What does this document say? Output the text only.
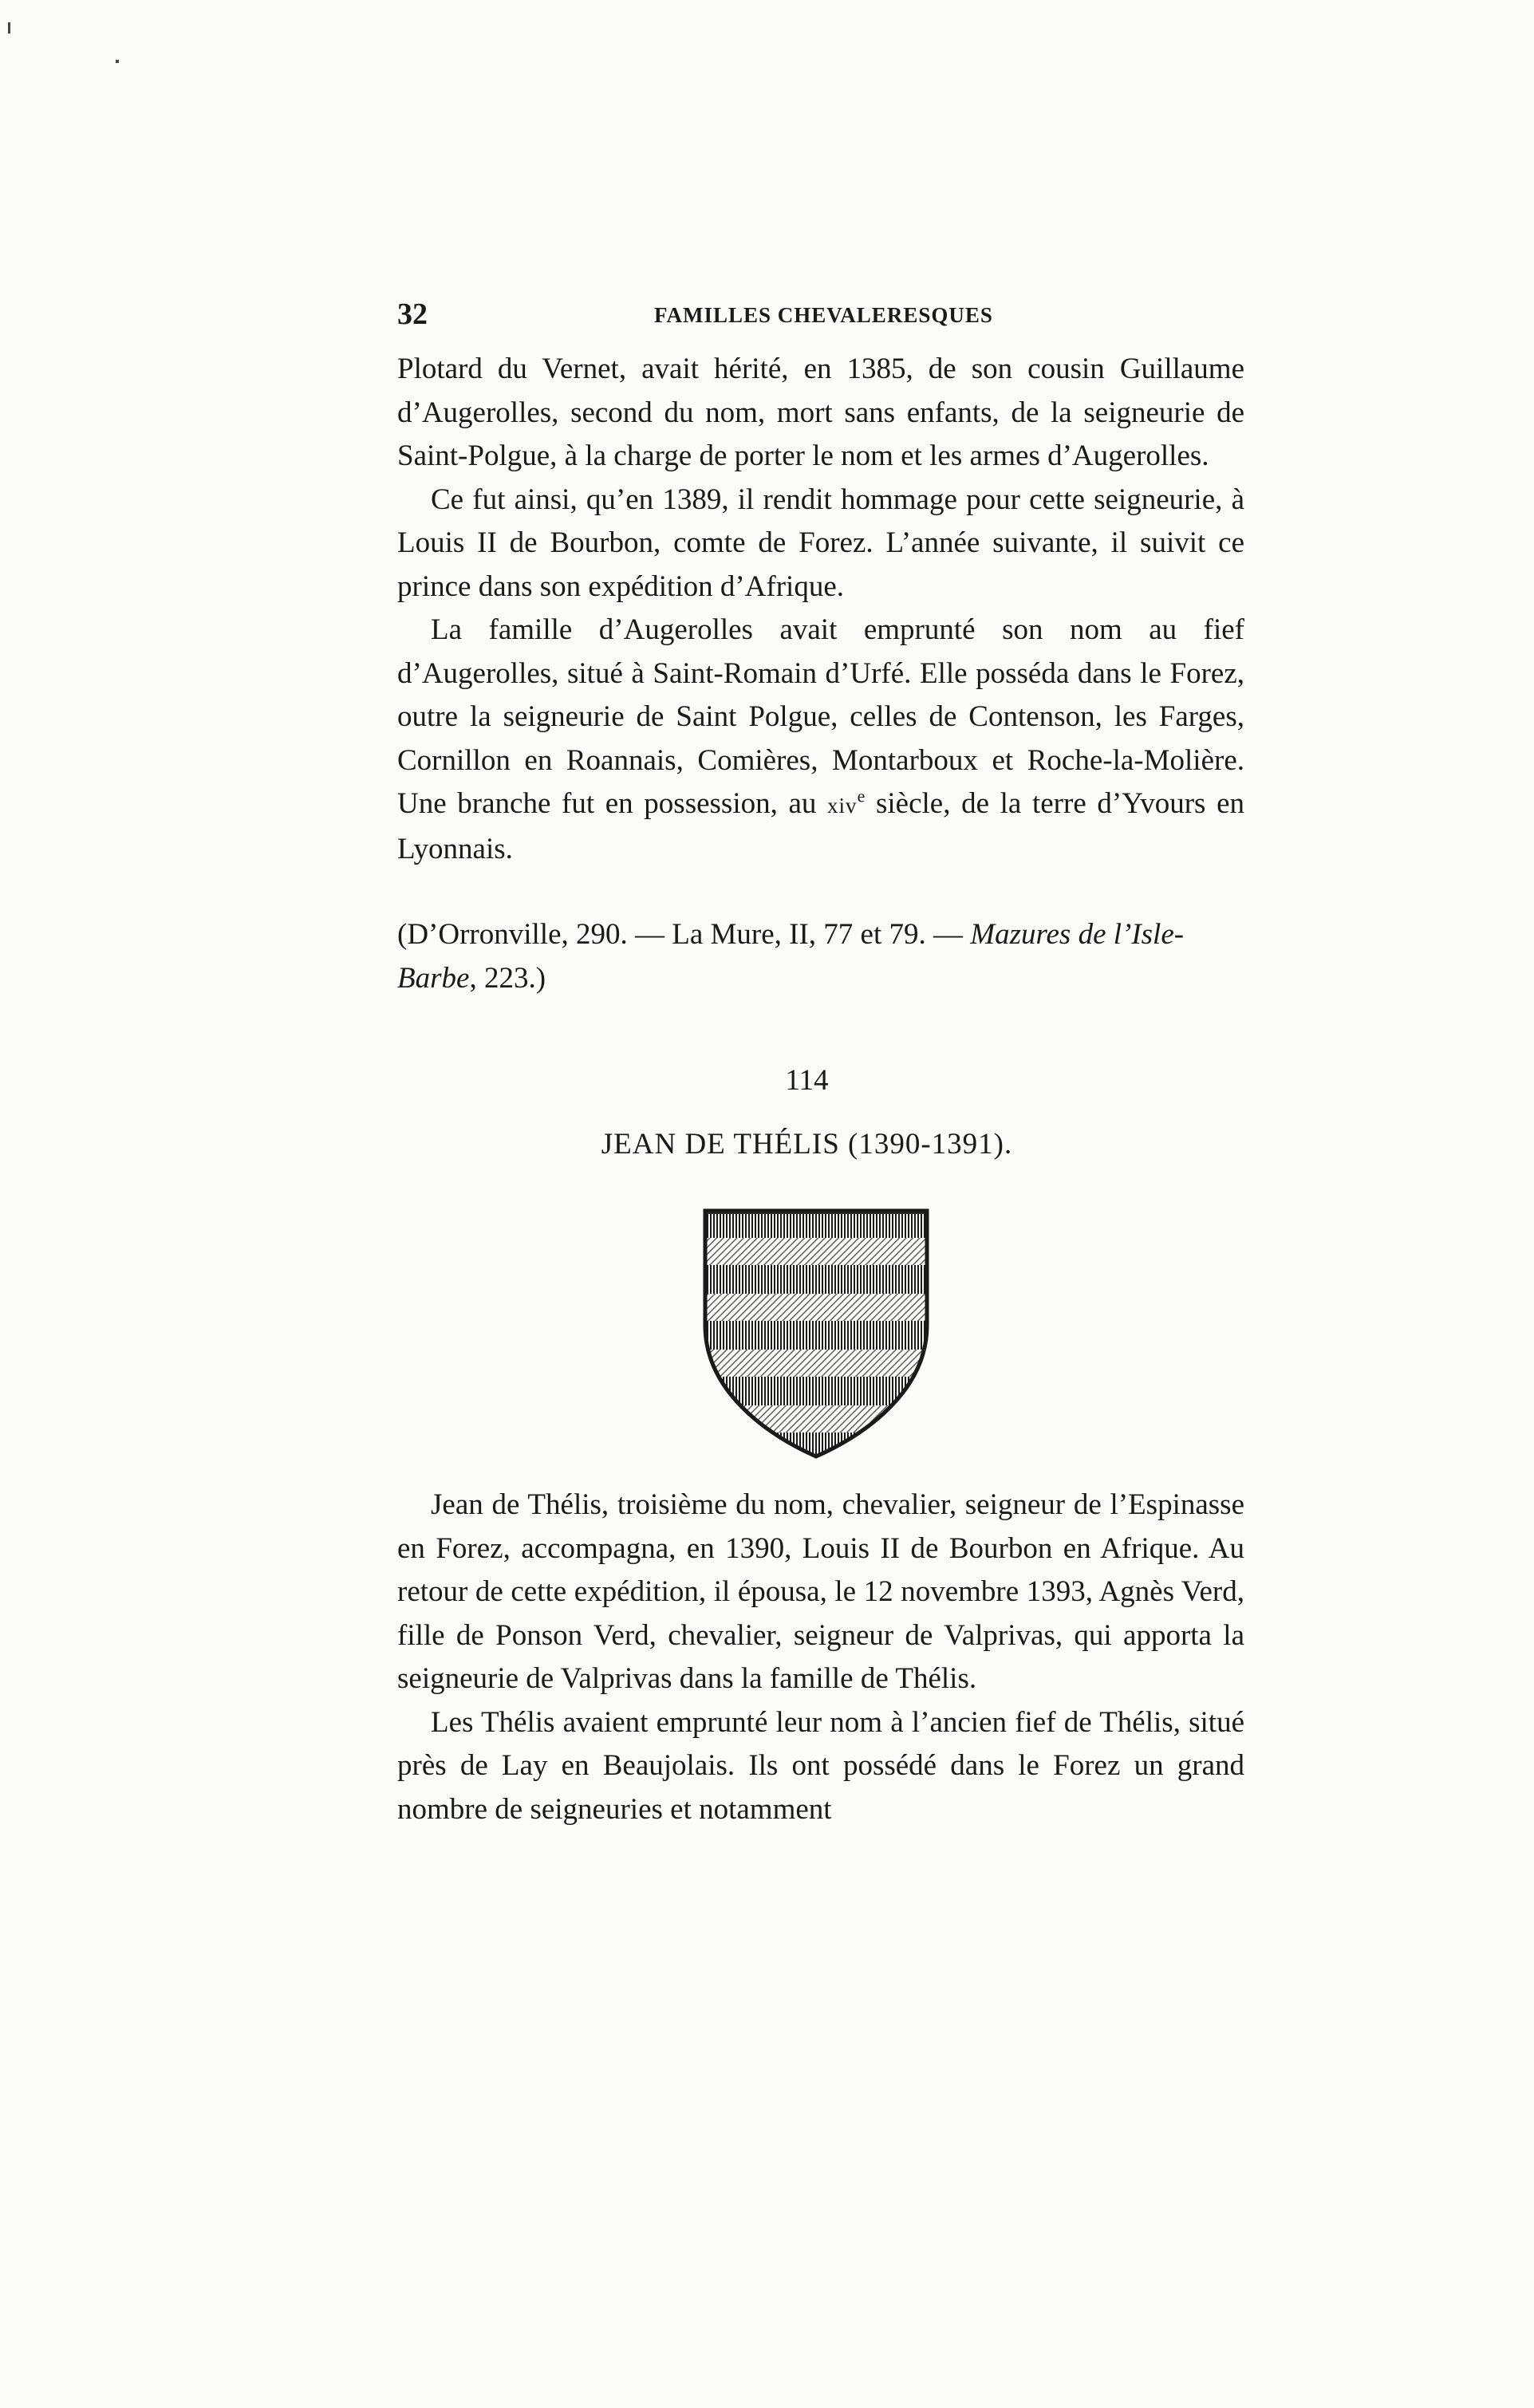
32	FAMILLES CHEVALERESQUES

Plotard du Vernet, avait hérité, en 1385, de son cousin Guillaume d’Augerolles, second du nom, mort sans enfants, de la seigneurie de Saint-Polgue, à la charge de porter le nom et les armes d’Augerolles.

Ce fut ainsi, qu’en 1389, il rendit hommage pour cette seigneurie, à Louis II de Bourbon, comte de Forez. L’année suivante, il suivit ce prince dans son expédition d’Afrique.

La famille d’Augerolles avait emprunté son nom au fief d’Augerolles, situé à Saint-Romain d’Urfé. Elle posséda dans le Forez, outre la seigneurie de Saint Polgue, celles de Contenson, les Farges, Cornillon en Roannais, Comières, Montarboux et Roche-la-Molière. Une branche fut en possession, au xiv$^e$ siècle, de la terre d’Yvours en Lyonnais.

(D’Orronville, 290. — La Mure, II, 77 et 79. — Mazures de l’Isle-Barbe, 223.)

114
JEAN DE THÉLIS (1390-1391).

Jean de Thélis, troisième du nom, chevalier, seigneur de l’Espinasse en Forez, accompagna, en 1390, Louis II de Bourbon en Afrique. Au retour de cette expédition, il épousa, le 12 novembre 1393, Agnès Verd, fille de Ponson Verd, chevalier, seigneur de Valprivas, qui apporta la seigneurie de Valprivas dans la famille de Thélis.

Les Thélis avaient emprunté leur nom à l’ancien fief de Thélis, situé près de Lay en Beaujolais. Ils ont possédé dans le Forez un grand nombre de seigneuries et notamment
